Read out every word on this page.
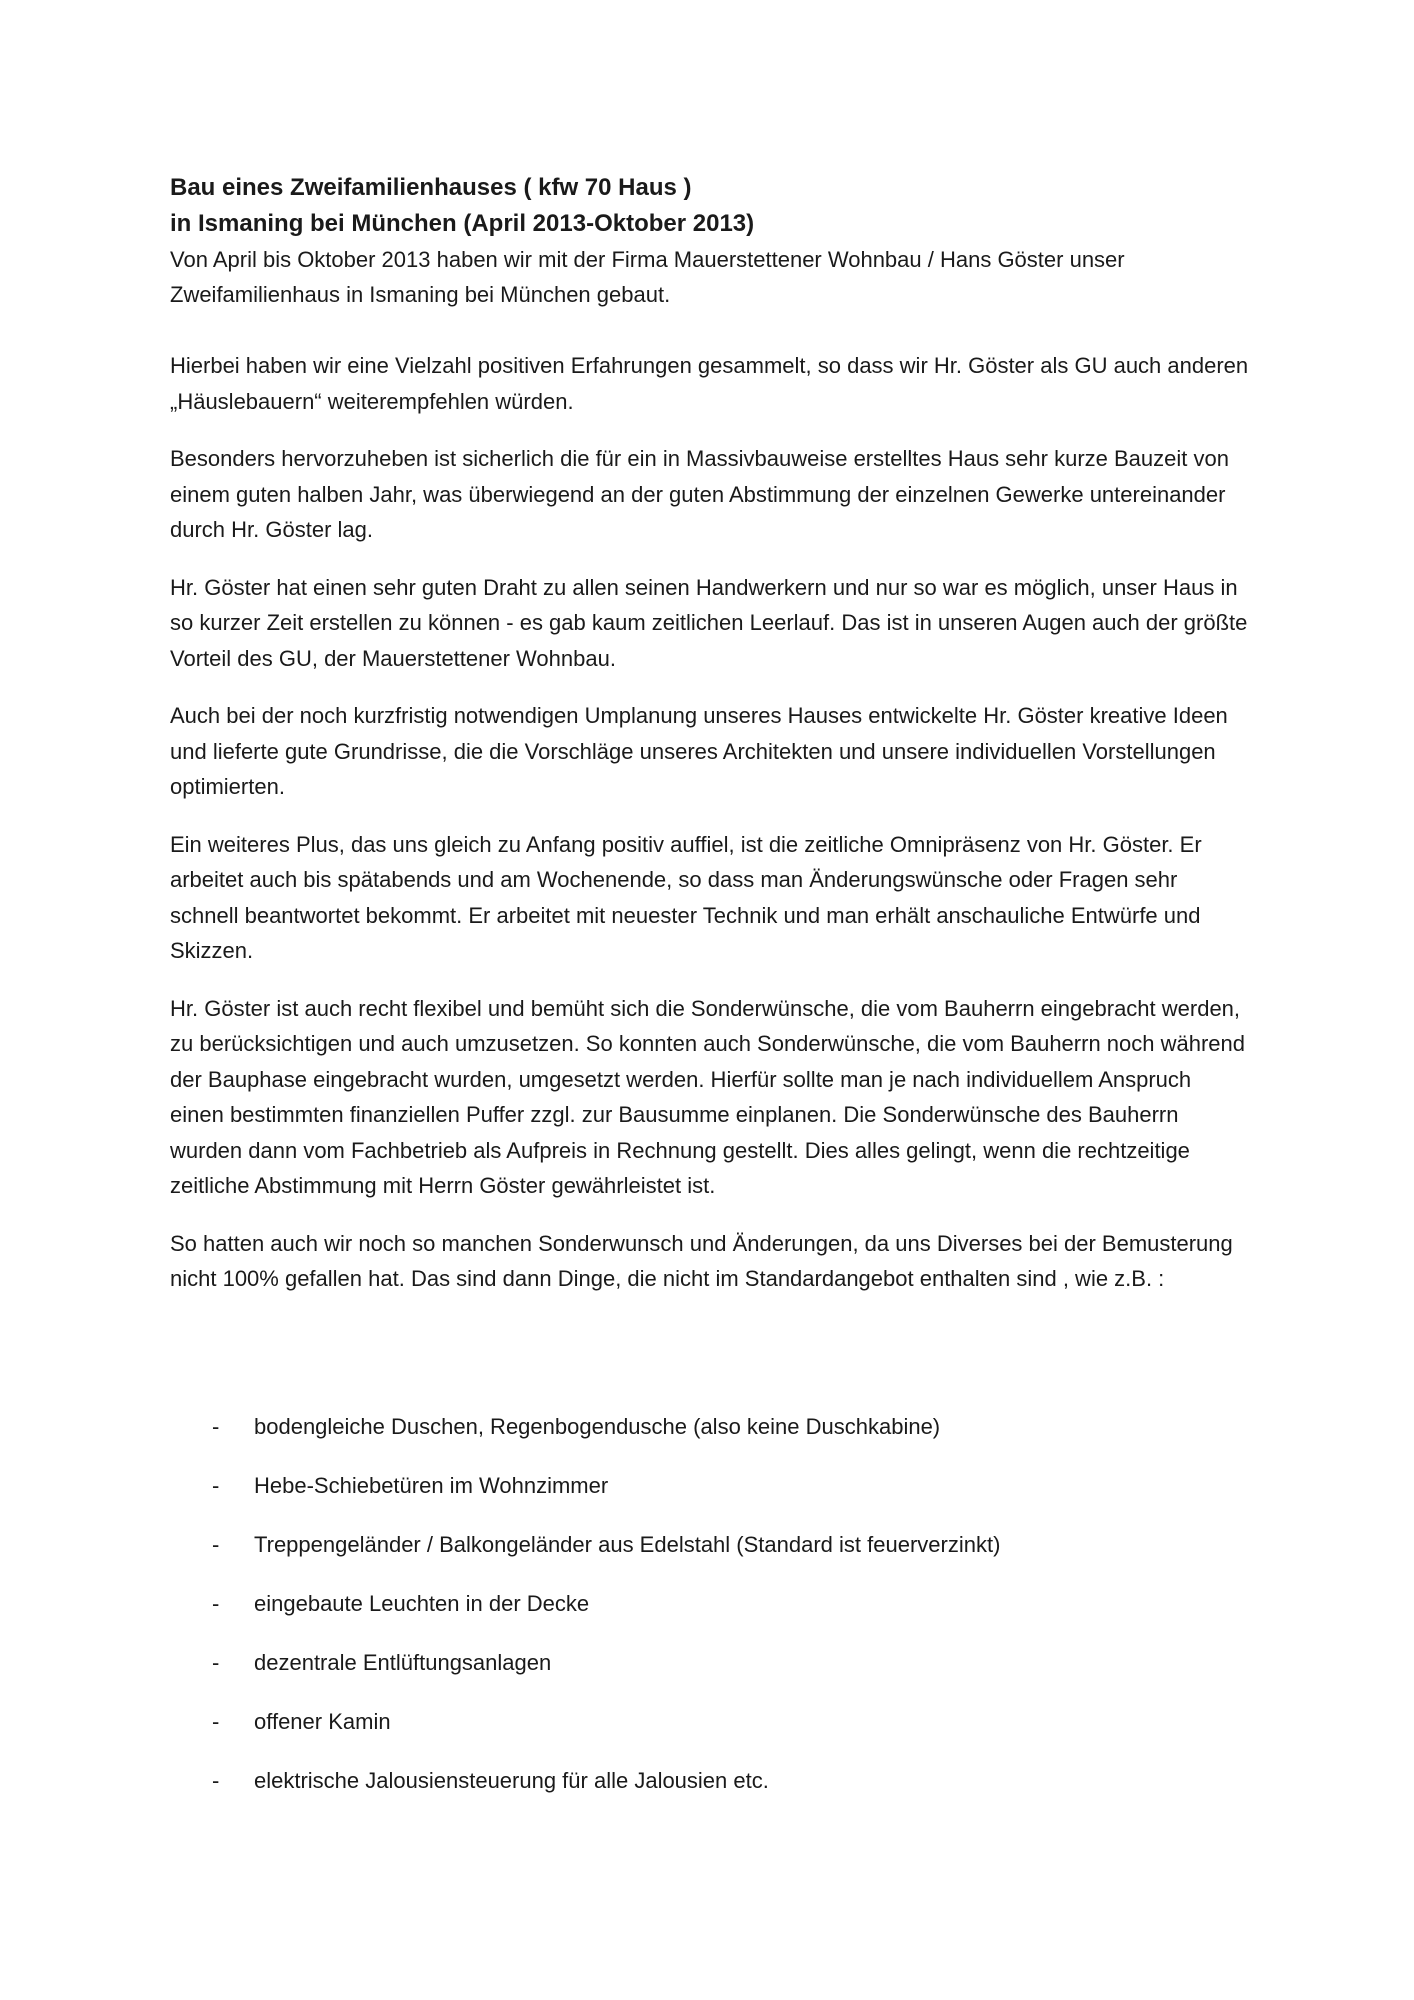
Bau eines Zweifamilienhauses ( kfw 70 Haus )
in Ismaning bei München (April 2013-Oktober 2013)

Von April bis Oktober 2013 haben wir mit der Firma Mauerstettener Wohnbau / Hans Göster unser Zweifamilienhaus in Ismaning bei München gebaut.

Hierbei haben wir eine Vielzahl positiven Erfahrungen gesammelt, so dass wir Hr. Göster als GU auch anderen „Häuslebauern“ weiterempfehlen würden.

Besonders hervorzuheben ist sicherlich die für ein in Massivbauweise erstelltes Haus sehr kurze Bauzeit von einem guten halben Jahr, was überwiegend an der guten Abstimmung der einzelnen Gewerke untereinander durch Hr. Göster lag.

Hr. Göster hat einen sehr guten Draht zu allen seinen Handwerkern und nur so war es möglich, unser Haus in so kurzer Zeit erstellen zu können - es gab kaum zeitlichen Leerlauf. Das ist in unseren Augen auch der größte Vorteil des GU, der Mauerstettener Wohnbau.

Auch bei der noch kurzfristig notwendigen Umplanung unseres Hauses entwickelte Hr. Göster kreative Ideen und lieferte gute Grundrisse, die die Vorschläge unseres Architekten und unsere individuellen Vorstellungen optimierten.

Ein weiteres Plus, das uns gleich zu Anfang positiv auffiel, ist die zeitliche Omnipräsenz von Hr. Göster. Er arbeitet auch bis spätabends und am Wochenende, so dass man Änderungswünsche oder Fragen sehr schnell beantwortet bekommt. Er arbeitet mit neuester Technik und man erhält anschauliche Entwürfe und Skizzen.

Hr. Göster ist auch recht flexibel und bemüht sich die Sonderwünsche, die vom Bauherrn eingebracht werden, zu berücksichtigen und auch umzusetzen. So konnten auch Sonderwünsche, die vom Bauherrn noch während der Bauphase eingebracht wurden, umgesetzt werden. Hierfür sollte man je nach individuellem Anspruch einen bestimmten finanziellen Puffer zzgl. zur Bausumme einplanen. Die Sonderwünsche des Bauherrn wurden dann vom Fachbetrieb als Aufpreis in Rechnung gestellt. Dies alles gelingt, wenn die rechtzeitige zeitliche Abstimmung mit Herrn Göster gewährleistet ist.

So hatten auch wir noch so manchen Sonderwunsch und Änderungen, da uns Diverses bei der Bemusterung nicht 100% gefallen hat. Das sind dann Dinge, die nicht im Standardangebot enthalten sind , wie z.B. :

-	bodengleiche Duschen, Regenbogendusche (also keine Duschkabine)
-	Hebe-Schiebetüren im Wohnzimmer
-	Treppengeländer / Balkongeländer aus Edelstahl (Standard ist feuerverzinkt)
-	eingebaute Leuchten in der Decke
-	dezentrale Entlüftungsanlagen
-	offener Kamin
-	elektrische Jalousiensteuerung für alle Jalousien etc.
